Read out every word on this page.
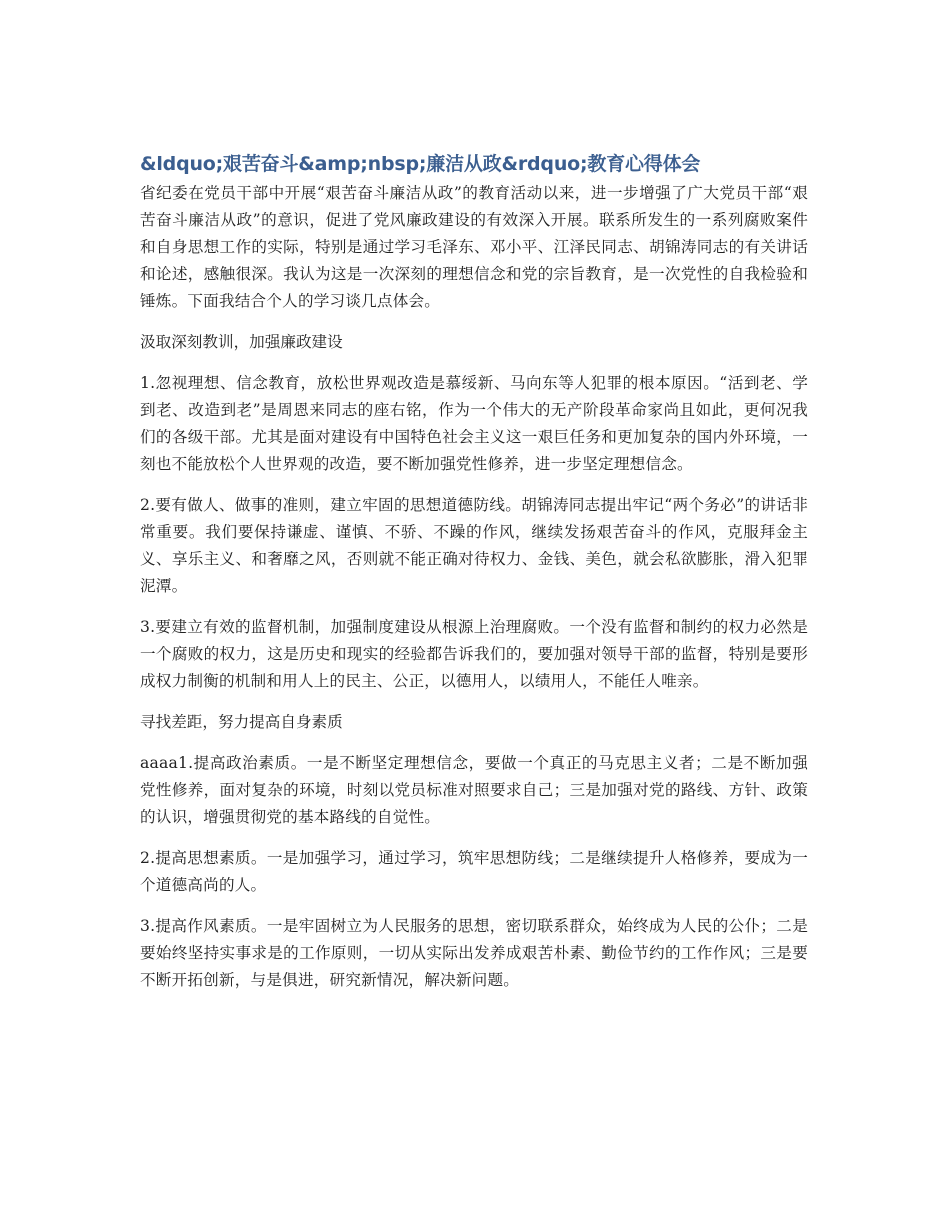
&ldquo;艰苦奋斗&amp;nbsp;廉洁从政&rdquo;教育心得体会

省纪委在党员干部中开展“艰苦奋斗廉洁从政”的教育活动以来，进一步增强了广大党员干部“艰苦奋斗廉洁从政”的意识，促进了党风廉政建设的有效深入开展。联系所发生的一系列腐败案件和自身思想工作的实际，特别是通过学习毛泽东、邓小平、江泽民同志、胡锦涛同志的有关讲话和论述，感触很深。我认为这是一次深刻的理想信念和党的宗旨教育，是一次党性的自我检验和锤炼。下面我结合个人的学习谈几点体会。

汲取深刻教训，加强廉政建设

1.忽视理想、信念教育，放松世界观改造是慕绥新、马向东等人犯罪的根本原因。“活到老、学到老、改造到老”是周恩来同志的座右铭，作为一个伟大的无产阶段革命家尚且如此，更何况我们的各级干部。尤其是面对建设有中国特色社会主义这一艰巨任务和更加复杂的国内外环境，一刻也不能放松个人世界观的改造，要不断加强党性修养，进一步坚定理想信念。

2.要有做人、做事的准则，建立牢固的思想道德防线。胡锦涛同志提出牢记“两个务必”的讲话非常重要。我们要保持谦虚、谨慎、不骄、不躁的作风，继续发扬艰苦奋斗的作风，克服拜金主义、享乐主义、和奢靡之风，否则就不能正确对待权力、金钱、美色，就会私欲膨胀，滑入犯罪泥潭。

3.要建立有效的监督机制，加强制度建设从根源上治理腐败。一个没有监督和制约的权力必然是一个腐败的权力，这是历史和现实的经验都告诉我们的，要加强对领导干部的监督，特别是要形成权力制衡的机制和用人上的民主、公正，以德用人，以绩用人，不能任人唯亲。

寻找差距，努力提高自身素质

aaaa1.提高政治素质。一是不断坚定理想信念，要做一个真正的马克思主义者；二是不断加强党性修养，面对复杂的环境，时刻以党员标准对照要求自己；三是加强对党的路线、方针、政策的认识，增强贯彻党的基本路线的自觉性。

2.提高思想素质。一是加强学习，通过学习，筑牢思想防线；二是继续提升人格修养，要成为一个道德高尚的人。

3.提高作风素质。一是牢固树立为人民服务的思想，密切联系群众，始终成为人民的公仆；二是要始终坚持实事求是的工作原则，一切从实际出发养成艰苦朴素、勤俭节约的工作作风；三是要不断开拓创新，与是俱进，研究新情况，解决新问题。
